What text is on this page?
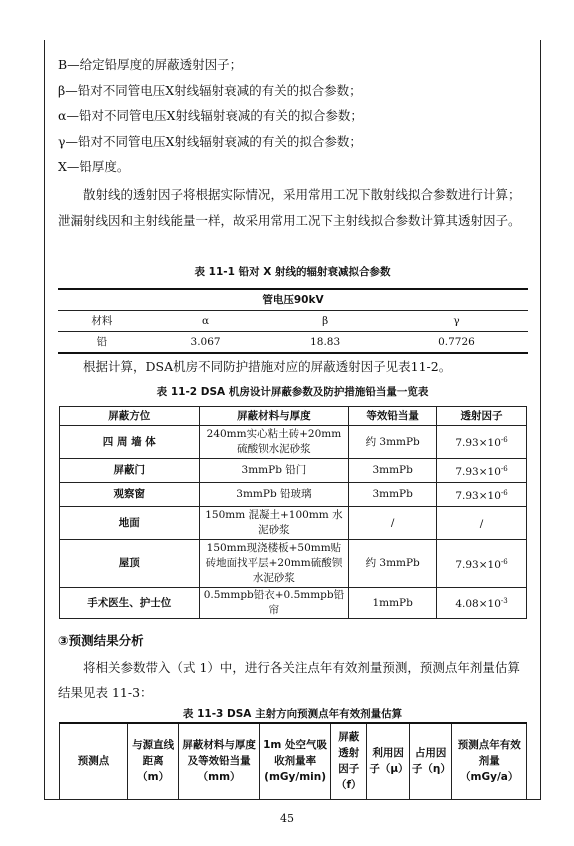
B—给定铅厚度的屏蔽透射因子；
β—铅对不同管电压X射线辐射衰减的有关的拟合参数；
α—铅对不同管电压X射线辐射衰减的有关的拟合参数；
γ—铅对不同管电压X射线辐射衰减的有关的拟合参数；
X—铅厚度。
散射线的透射因子将根据实际情况，采用常用工况下散射线拟合参数进行计算；泄漏射线因和主射线能量一样，故采用常用工况下主射线拟合参数计算其透射因子。
表 11-1 铅对 X 射线的辐射衰减拟合参数
管电压90kV			
材料	α	β	γ
铅	3.067	18.83	0.7726
根据计算，DSA机房不同防护措施对应的屏蔽透射因子见表11-2。
表 11-2 DSA 机房设计屏蔽参数及防护措施铅当量一览表
屏蔽方位	屏蔽材料与厚度	等效铅当量	透射因子
四 周 墙 体	240mm实心粘土砖+20mm硫酸钡水泥砂浆	约 3mmPb	$7.93\times 10^{-6}$
屏蔽门	3mmPb 铅门	3mmPb	$7.93\times 10^{-6}$
观察窗	3mmPb 铅玻璃	3mmPb	$7.93\times 10^{-6}$
地面	150mm 混凝土+100mm 水泥砂浆	/	/
屋顶	150mm现浇楼板+50mm贴砖地面找平层+20mm硫酸钡水泥砂浆	约 3mmPb	$7.93\times 10^{-6}$
手术医生、护士位	0.5mmpb铅衣+0.5mmpb铅帘	1mmPb	$4.08\times 10^{-3}$
③预测结果分析
将相关参数带入（式 1）中，进行各关注点年有效剂量预测，预测点年剂量估算结果见表 11-3：
表 11-3 DSA 主射方向预测点年有效剂量估算
预测点	与源直线距离（m）	屏蔽材料与厚度及等效铅当量（mm）	1m 处空气吸收剂量率(mGy/min)	屏蔽透射因子（f）	利用因子（μ）	占用因子（η）	预测点年有效剂量（mGy/a）
45
